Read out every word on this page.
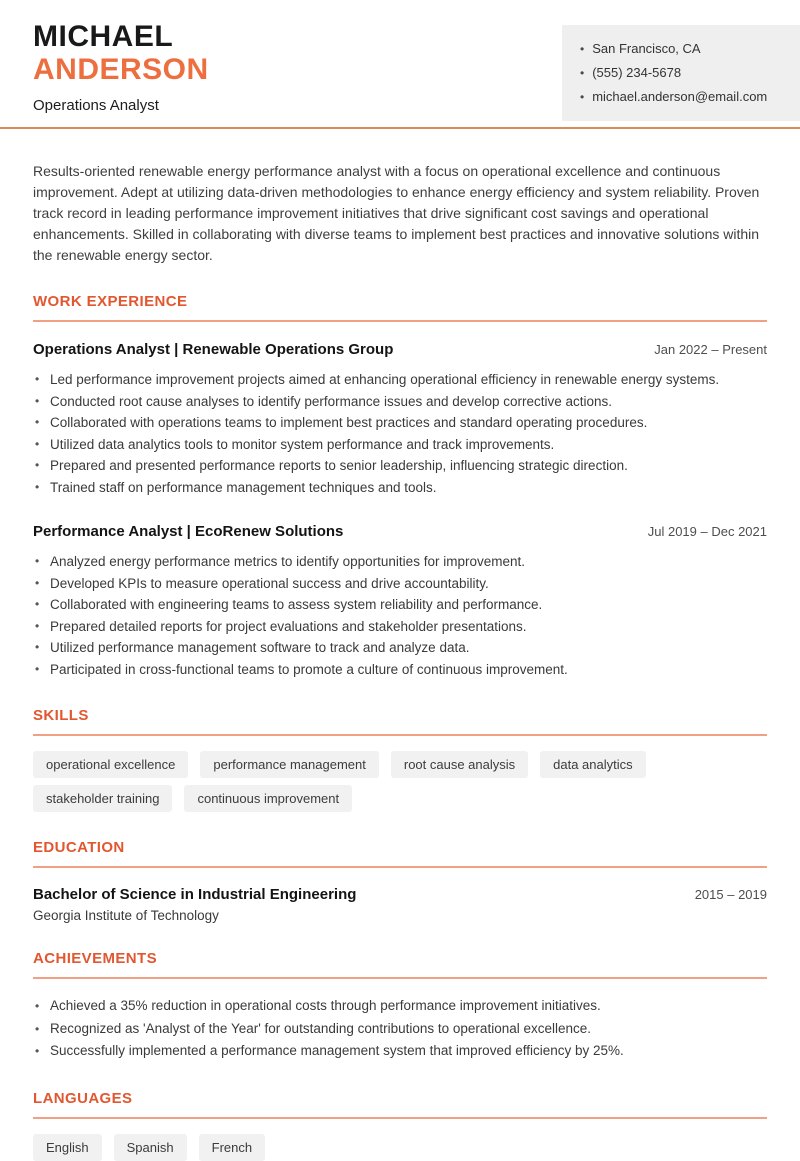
MICHAEL
ANDERSON
Operations Analyst
• San Francisco, CA
• (555) 234-5678
• michael.anderson@email.com

Results-oriented renewable energy performance analyst with a focus on operational excellence and continuous improvement. Adept at utilizing data-driven methodologies to enhance energy efficiency and system reliability. Proven track record in leading performance improvement initiatives that drive significant cost savings and operational enhancements. Skilled in collaborating with diverse teams to implement best practices and innovative solutions within the renewable energy sector.

WORK EXPERIENCE
Operations Analyst | Renewable Operations Group	Jan 2022 – Present
• Led performance improvement projects aimed at enhancing operational efficiency in renewable energy systems.
• Conducted root cause analyses to identify performance issues and develop corrective actions.
• Collaborated with operations teams to implement best practices and standard operating procedures.
• Utilized data analytics tools to monitor system performance and track improvements.
• Prepared and presented performance reports to senior leadership, influencing strategic direction.
• Trained staff on performance management techniques and tools.
Performance Analyst | EcoRenew Solutions	Jul 2019 – Dec 2021
• Analyzed energy performance metrics to identify opportunities for improvement.
• Developed KPIs to measure operational success and drive accountability.
• Collaborated with engineering teams to assess system reliability and performance.
• Prepared detailed reports for project evaluations and stakeholder presentations.
• Utilized performance management software to track and analyze data.
• Participated in cross-functional teams to promote a culture of continuous improvement.
SKILLS
operational excellence	performance management	root cause analysis	data analytics
stakeholder training	continuous improvement
EDUCATION
Bachelor of Science in Industrial Engineering	2015 – 2019
Georgia Institute of Technology
ACHIEVEMENTS
• Achieved a 35% reduction in operational costs through performance improvement initiatives.
• Recognized as 'Analyst of the Year' for outstanding contributions to operational excellence.
• Successfully implemented a performance management system that improved efficiency by 25%.
LANGUAGES
English	Spanish	French
